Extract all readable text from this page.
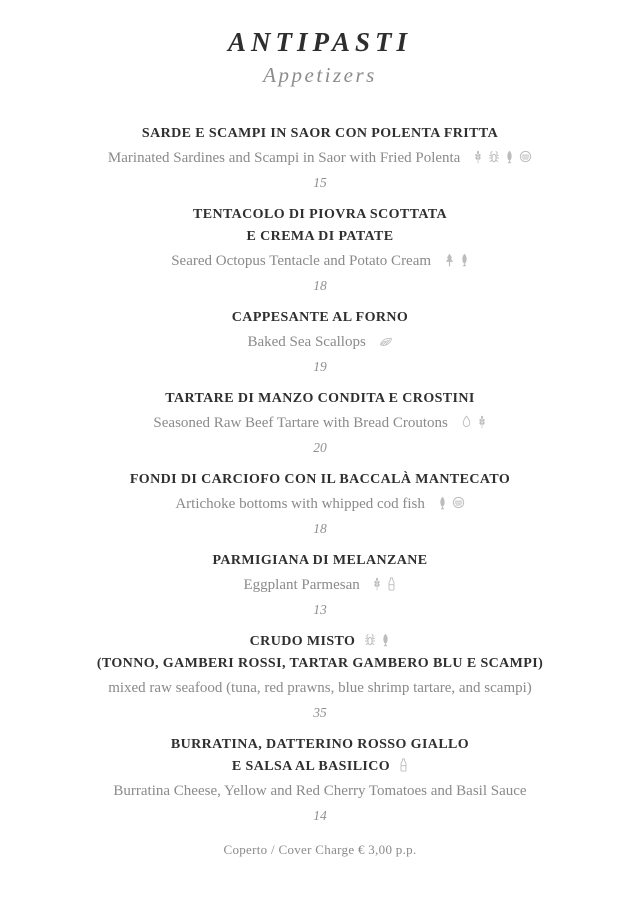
ANTIPASTI
Appetizers
SARDE E SCAMPI IN SAOR CON POLENTA FRITTA
Marinated Sardines and Scampi in Saor with Fried Polenta
15
TENTACOLO DI PIOVRA SCOTTATA
E CREMA DI PATATE
Seared Octopus Tentacle and Potato Cream
18
CAPPESANTE AL FORNO
Baked Sea Scallops
19
TARTARE DI MANZO CONDITA E CROSTINI
Seasoned Raw Beef Tartare with Bread Croutons
20
FONDI DI CARCIOFO CON IL BACCALÀ MANTECATO
Artichoke bottoms with whipped cod fish
18
PARMIGIANA DI MELANZANE
Eggplant Parmesan
13
CRUDO MISTO
(TONNO, GAMBERI ROSSI, TARTAR GAMBERO BLU E SCAMPI)
mixed raw seafood (tuna, red prawns, blue shrimp tartare, and scampi)
35
BURRATINA, DATTERINO ROSSO GIALLO
E SALSA AL BASILICO
Burratina Cheese, Yellow and Red Cherry Tomatoes and Basil Sauce
14
Coperto / Cover Charge € 3,00 p.p.
